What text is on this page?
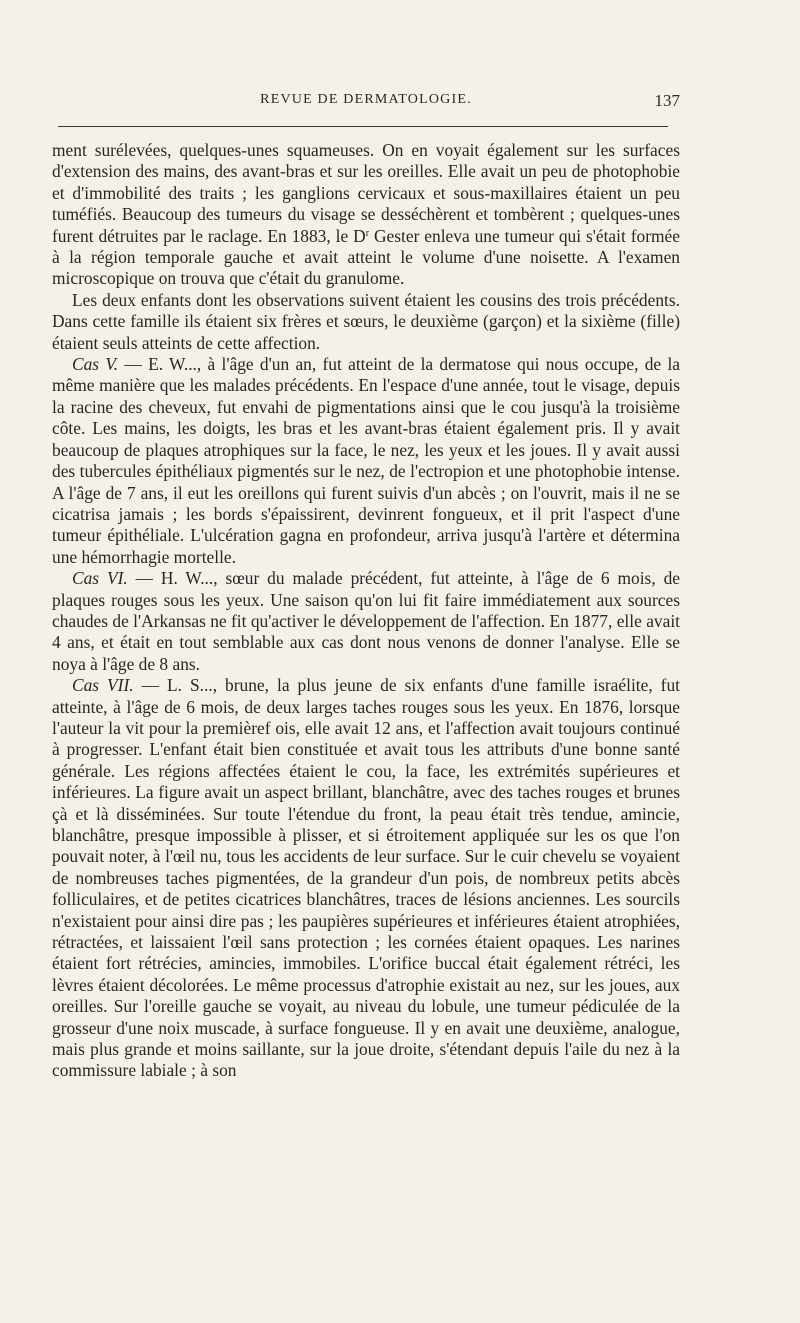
REVUE DE DERMATOLOGIE.	137

ment surélevées, quelques-unes squameuses. On en voyait également sur les surfaces d'extension des mains, des avant-bras et sur les oreilles. Elle avait un peu de photophobie et d'immobilité des traits ; les ganglions cervicaux et sous-maxillaires étaient un peu tuméfiés. Beaucoup des tumeurs du visage se desséchèrent et tombèrent ; quelques-unes furent détruites par le raclage. En 1883, le $D^r$ Gester enleva une tumeur qui s'était formée à la région temporale gauche et avait atteint le volume d'une noisette. A l'examen microscopique on trouva que c'était du granulome.

Les deux enfants dont les observations suivent étaient les cousins des trois précédents. Dans cette famille ils étaient six frères et sœurs, le deuxième (garçon) et la sixième (fille) étaient seuls atteints de cette affection.

Cas V. — E. W..., à l'âge d'un an, fut atteint de la dermatose qui nous occupe, de la même manière que les malades précédents. En l'espace d'une année, tout le visage, depuis la racine des cheveux, fut envahi de pigmentations ainsi que le cou jusqu'à la troisième côte. Les mains, les doigts, les bras et les avant-bras étaient également pris. Il y avait beaucoup de plaques atrophiques sur la face, le nez, les yeux et les joues. Il y avait aussi des tubercules épithéliaux pigmentés sur le nez, de l'ectropion et une photophobie intense. A l'âge de 7 ans, il eut les oreillons qui furent suivis d'un abcès ; on l'ouvrit, mais il ne se cicatrisa jamais ; les bords s'épaissirent, devinrent fongueux, et il prit l'aspect d'une tumeur épithéliale. L'ulcération gagna en profondeur, arriva jusqu'à l'artère et détermina une hémorrhagie mortelle.

Cas VI. — H. W..., sœur du malade précédent, fut atteinte, à l'âge de 6 mois, de plaques rouges sous les yeux. Une saison qu'on lui fit faire immédiatement aux sources chaudes de l'Arkansas ne fit qu'activer le développement de l'affection. En 1877, elle avait 4 ans, et était en tout semblable aux cas dont nous venons de donner l'analyse. Elle se noya à l'âge de 8 ans.

Cas VII. — L. S..., brune, la plus jeune de six enfants d'une famille israélite, fut atteinte, à l'âge de 6 mois, de deux larges taches rouges sous les yeux. En 1876, lorsque l'auteur la vit pour la premièref ois, elle avait 12 ans, et l'affection avait toujours continué à progresser. L'enfant était bien constituée et avait tous les attributs d'une bonne santé générale. Les régions affectées étaient le cou, la face, les extrémités supérieures et inférieures. La figure avait un aspect brillant, blanchâtre, avec des taches rouges et brunes çà et là disséminées. Sur toute l'étendue du front, la peau était très tendue, amincie, blanchâtre, presque impossible à plisser, et si étroitement appliquée sur les os que l'on pouvait noter, à l'œil nu, tous les accidents de leur surface. Sur le cuir chevelu se voyaient de nombreuses taches pigmentées, de la grandeur d'un pois, de nombreux petits abcès folliculaires, et de petites cicatrices blanchâtres, traces de lésions anciennes. Les sourcils n'existaient pour ainsi dire pas ; les paupières supérieures et inférieures étaient atrophiées, rétractées, et laissaient l'œil sans protection ; les cornées étaient opaques. Les narines étaient fort rétrécies, amincies, immobiles. L'orifice buccal était également rétréci, les lèvres étaient décolorées. Le même processus d'atrophie existait au nez, sur les joues, aux oreilles. Sur l'oreille gauche se voyait, au niveau du lobule, une tumeur pédiculée de la grosseur d'une noix muscade, à surface fongueuse. Il y en avait une deuxième, analogue, mais plus grande et moins saillante, sur la joue droite, s'étendant depuis l'aile du nez à la commissure labiale ; à son
